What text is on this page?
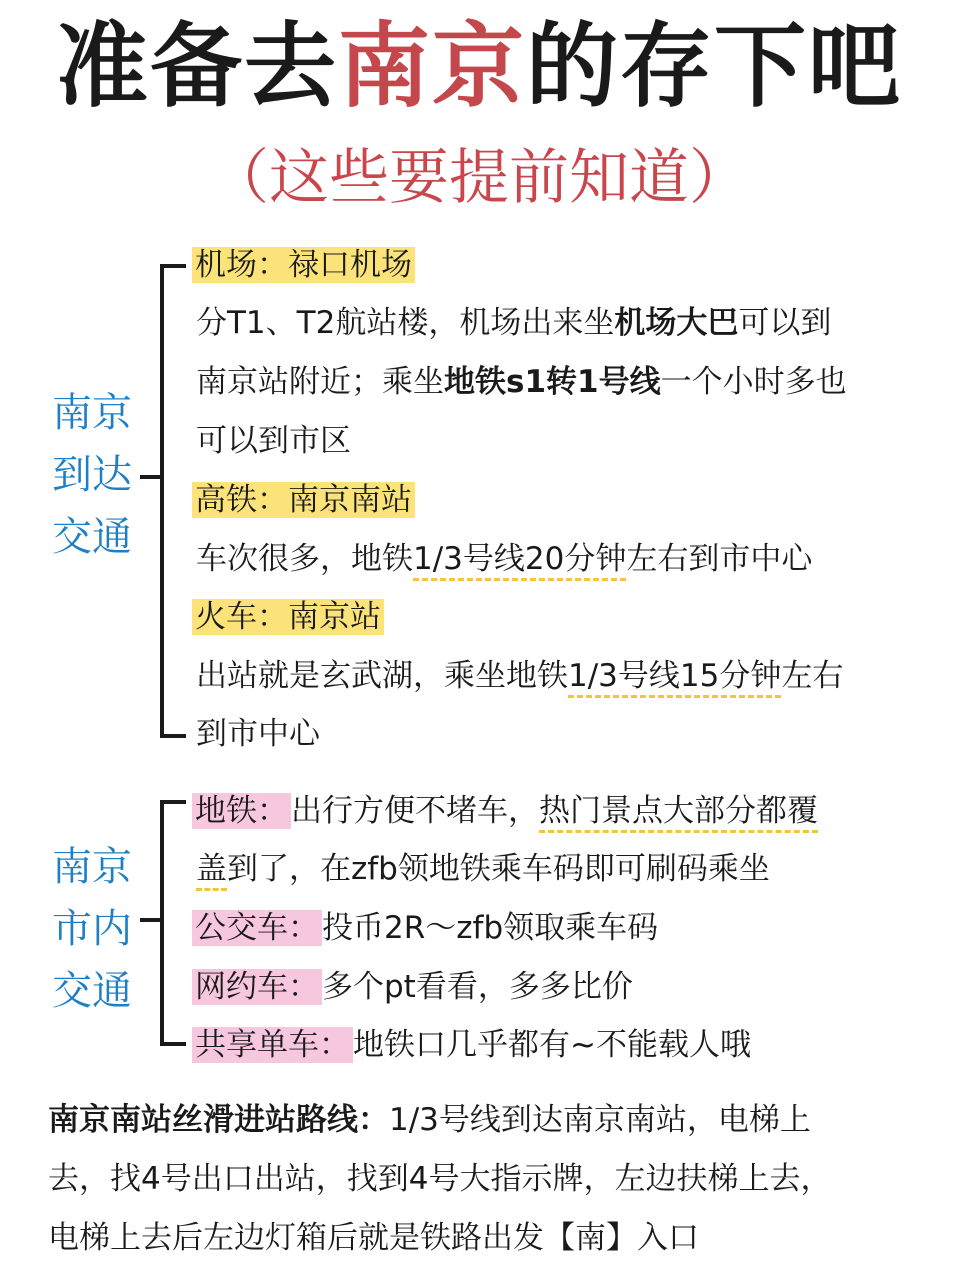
准备去南京的存下吧
（这些要提前知道）
南京
到达
交通
机场：禄口机场
分T1、T2航站楼，机场出来坐机场大巴可以到
南京站附近；乘坐地铁s1转1号线一个小时多也
可以到市区
高铁：南京南站
车次很多，地铁1/3号线20分钟左右到市中心
火车：南京站
出站就是玄武湖，乘坐地铁1/3号线15分钟左右
到市中心
南京
市内
交通
地铁：出行方便不堵车，热门景点大部分都覆
盖到了，在zfb领地铁乘车码即可刷码乘坐
公交车：投币2R～zfb领取乘车码
网约车：多个pt看看，多多比价
共享单车：地铁口几乎都有~不能载人哦
南京南站丝滑进站路线：1/3号线到达南京南站，电梯上
去，找4号出口出站，找到4号大指示牌，左边扶梯上去，
电梯上去后左边灯箱后就是铁路出发【南】入口
